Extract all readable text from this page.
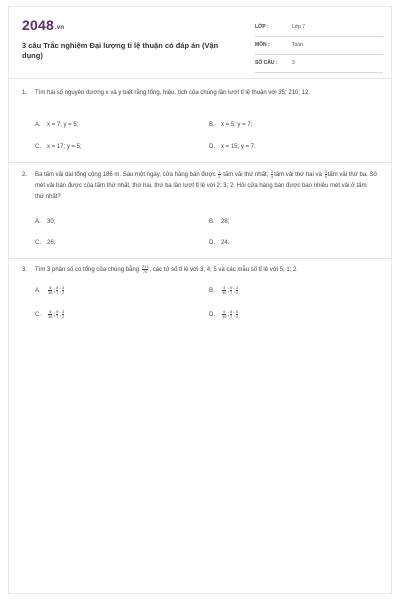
2048.vn
3 câu Trắc nghiệm Đại lượng tỉ lệ thuận có đáp án (Vận dụng)
LỚP :	Lớp 7
MÔN :	Toán
SỐ CÂU :	3
1.	Tìm hai số nguyên dương x và y biết rằng tổng, hiệu, tích của chúng lần lượt tỉ lệ thuận với 35; 210; 12.
A. x = 7; y = 5;	B. x = 5; y = 7;
C. x = 17; y = 5;	D. x = 15; y = 7.
2.	Ba tấm vải dài tổng cộng 186 m. Sau một ngày, cửa hàng bán được $\frac{1}{2}$ tấm vải thứ nhất; $\frac{2}{3}$ tấm vải thứ hai và $\frac{3}{4}$ tấm vải thứ ba. Số mét vải bán được của tấm thứ nhất, thứ hai, thứ ba lần lượt tỉ lệ với 2; 3; 2. Hỏi cửa hàng bán được bao nhiêu mét vải ở tấm thứ nhất?
A. 30;	B. 28;
C. 26;	D. 24.
3.	Tìm 3 phân số có tổng của chúng bằng $\frac{213}{70}$ , các tử số tỉ lệ với 3; 4; 5 và các mẫu số tỉ lệ với 5; 1; 2.
A. $\frac{9}{35}$ ; $\frac{8}{7}$ ; $\frac{3}{2}$	B. $\frac{4}{35}$ ; $\frac{9}{7}$ ; $\frac{3}{2}$
C. $\frac{9}{35}$ ; $\frac{9}{7}$ ; $\frac{3}{2}$	D. $\frac{9}{35}$ ; $\frac{8}{7}$ ; $\frac{5}{2}$
